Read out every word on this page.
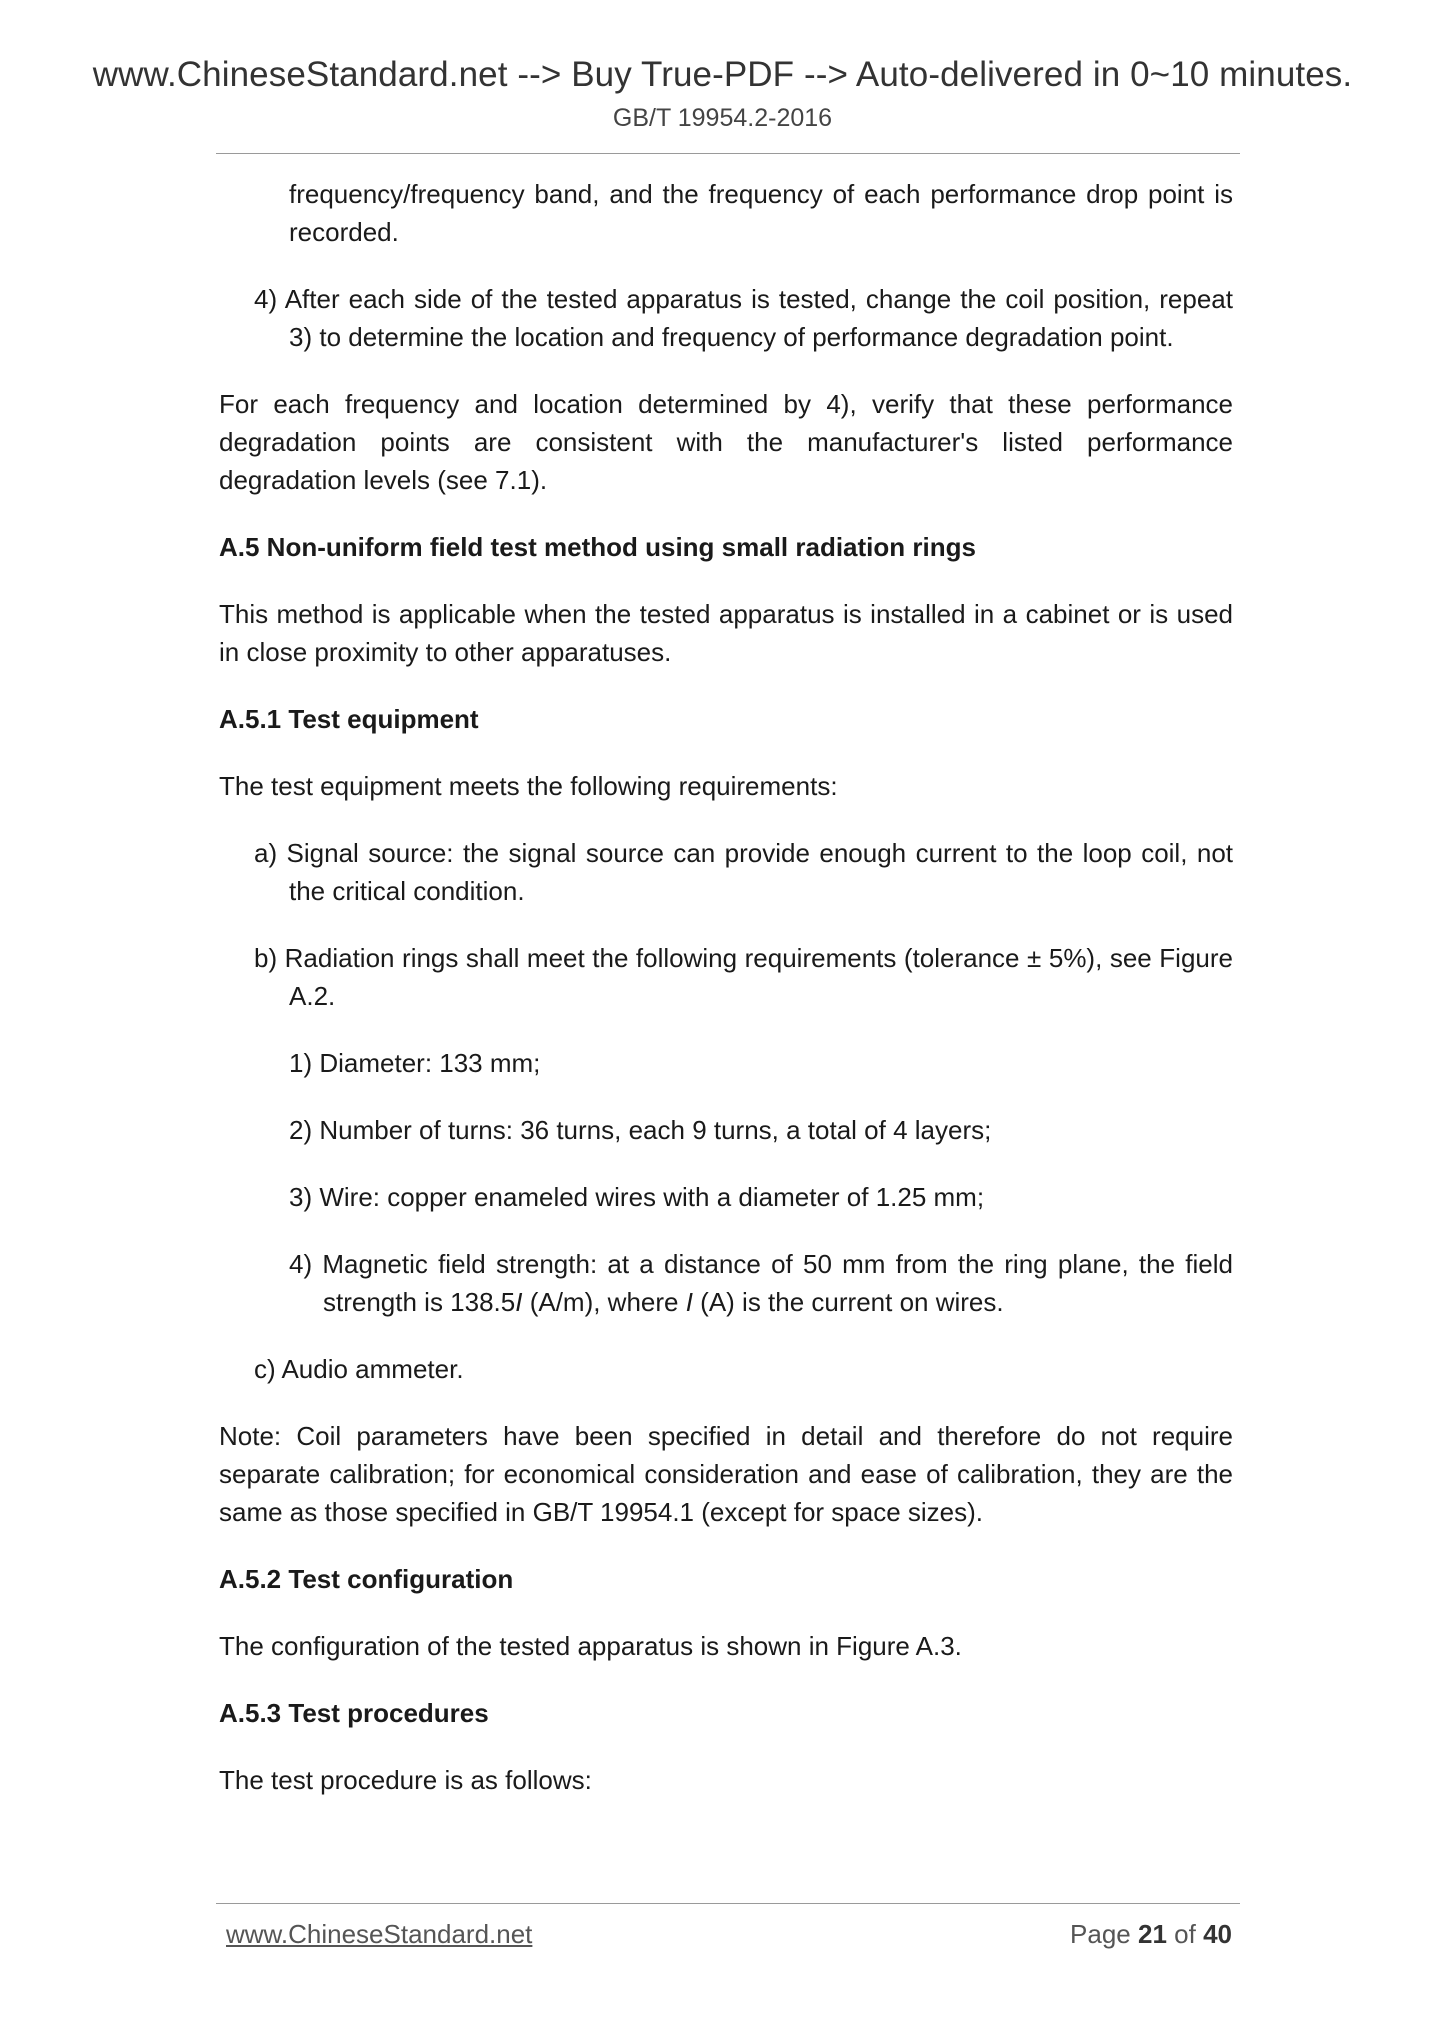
www.ChineseStandard.net --> Buy True-PDF --> Auto-delivered in 0~10 minutes.
GB/T 19954.2-2016

frequency/frequency band, and the frequency of each performance drop point is recorded.

4) After each side of the tested apparatus is tested, change the coil position, repeat 3) to determine the location and frequency of performance degradation point.

For each frequency and location determined by 4), verify that these performance degradation points are consistent with the manufacturer's listed performance degradation levels (see 7.1).

A.5 Non-uniform field test method using small radiation rings

This method is applicable when the tested apparatus is installed in a cabinet or is used in close proximity to other apparatuses.

A.5.1 Test equipment

The test equipment meets the following requirements:

a) Signal source: the signal source can provide enough current to the loop coil, not the critical condition.

b) Radiation rings shall meet the following requirements (tolerance ± 5%), see Figure A.2.

1) Diameter: 133 mm;

2) Number of turns: 36 turns, each 9 turns, a total of 4 layers;

3) Wire: copper enameled wires with a diameter of 1.25 mm;

4) Magnetic field strength: at a distance of 50 mm from the ring plane, the field strength is 138.5I (A/m), where I (A) is the current on wires.

c) Audio ammeter.

Note: Coil parameters have been specified in detail and therefore do not require separate calibration; for economical consideration and ease of calibration, they are the same as those specified in GB/T 19954.1 (except for space sizes).

A.5.2 Test configuration

The configuration of the tested apparatus is shown in Figure A.3.

A.5.3 Test procedures

The test procedure is as follows:

www.ChineseStandard.net	Page 21 of 40
